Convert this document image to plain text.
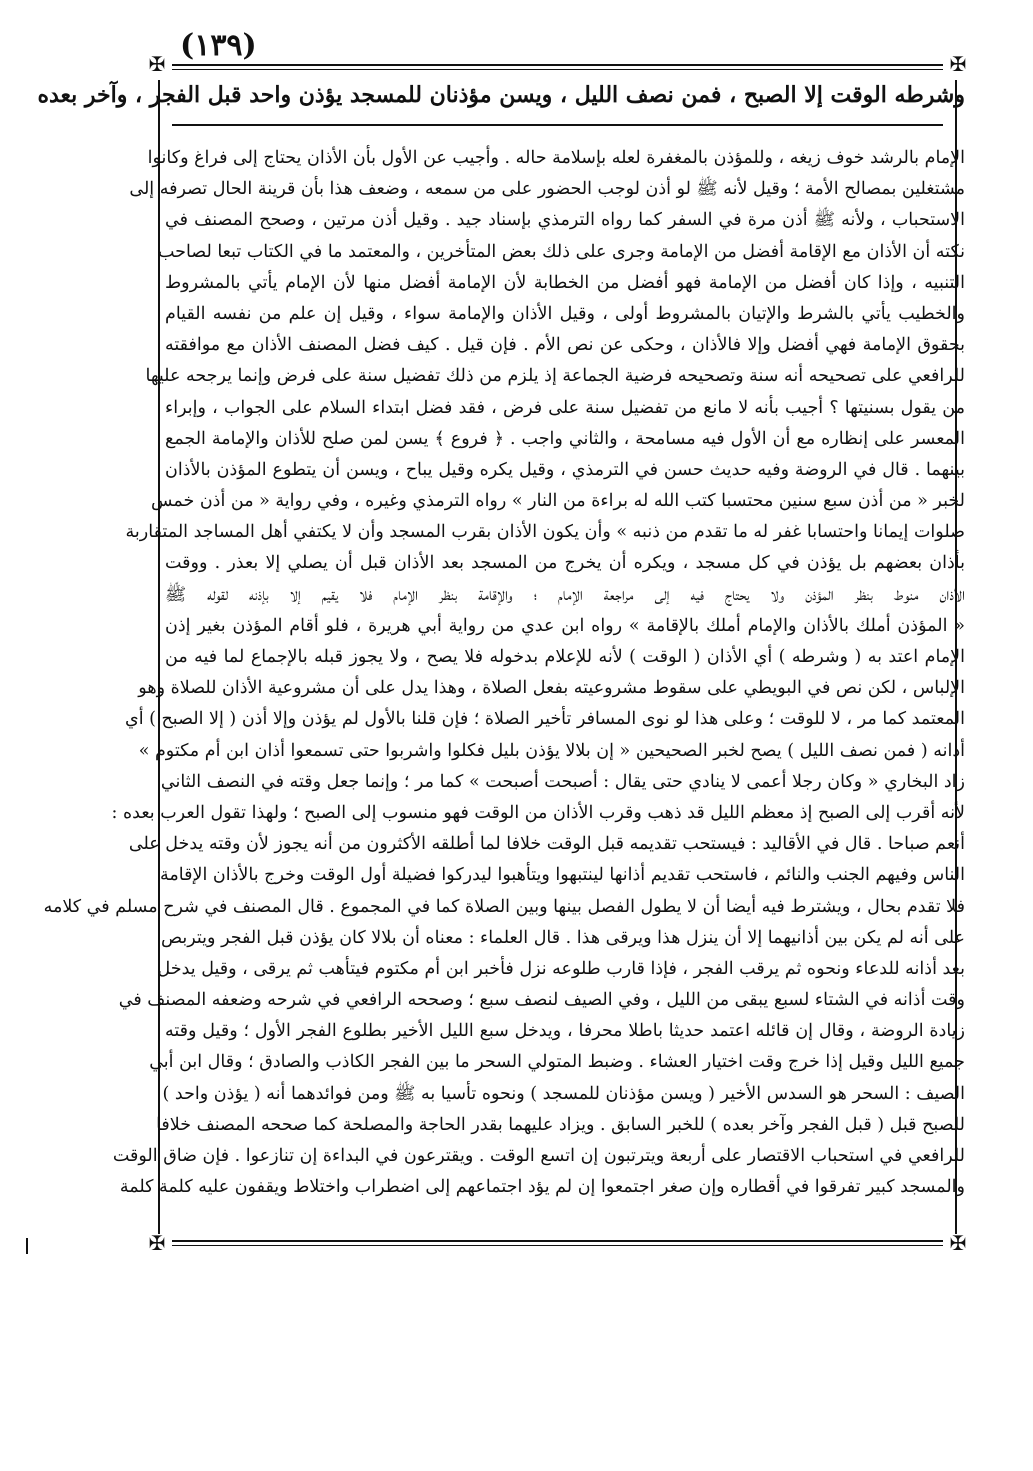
(١٣٩)
✠	✠
✠	✠
وشرطه الوقت إلا الصبح ، فمن نصف الليل ، ويسن مؤذنان للمسجد يؤذن واحد قبل الفجر ، وآخر بعده
الإمام بالرشد خوف زيغه ، وللمؤذن بالمغفرة لعله بإسلامة حاله . وأجيب عن الأول بأن الأذان يحتاج إلى فراغ وكانوا
مشتغلين بمصالح الأمة ؛ وقيل لأنه ﷺ لو أذن لوجب الحضور على من سمعه ، وضعف هذا بأن قرينة الحال تصرفه إلى
الاستحباب ، ولأنه ﷺ أذن مرة في السفر كما رواه الترمذي بإسناد جيد . وقيل أذن مرتين ، وصحح المصنف في
نكته أن الأذان مع الإقامة أفضل من الإمامة وجرى على ذلك بعض المتأخرين ، والمعتمد ما في الكتاب تبعا لصاحب
التنبيه ، وإذا كان أفضل من الإمامة فهو أفضل من الخطابة لأن الإمامة أفضل منها لأن الإمام يأتي بالمشروط
والخطيب يأتي بالشرط والإتيان بالمشروط أولى ، وقيل الأذان والإمامة سواء ، وقيل إن علم من نفسه القيام
بحقوق الإمامة فهي أفضل وإلا فالأذان ، وحكى عن نص الأم . فإن قيل . كيف فضل المصنف الأذان مع موافقته
للرافعي على تصحيحه أنه سنة وتصحيحه فرضية الجماعة إذ يلزم من ذلك تفضيل سنة على فرض وإنما يرجحه عليها
من يقول بسنيتها ؟ أجيب بأنه لا مانع من تفضيل سنة على فرض ، فقد فضل ابتداء السلام على الجواب ، وإبراء
المعسر على إنظاره مع أن الأول فيه مسامحة ، والثاني واجب . ﴿ فروع ﴾ يسن لمن صلح للأذان والإمامة الجمع
بينهما . قال في الروضة وفيه حديث حسن في الترمذي ، وقيل يكره وقيل يباح ، ويسن أن يتطوع المؤذن بالأذان
لخبر « من أذن سبع سنين محتسبا كتب الله له براءة من النار » رواه الترمذي وغيره ، وفي رواية « من أذن خمس
صلوات إيمانا واحتسابا غفر له ما تقدم من ذنبه » وأن يكون الأذان بقرب المسجد وأن لا يكتفي أهل المساجد المتقاربة
بأذان بعضهم بل يؤذن في كل مسجد ، ويكره أن يخرج من المسجد بعد الأذان قبل أن يصلي إلا بعذر . ووقت
الأذان منوط بنظر المؤذن ولا يحتاج فيه إلى مراجعة الإمام ؛ والإقامة بنظر الإمام فلا يقيم إلا بإذنه لقوله ﷺ
« المؤذن أملك بالأذان والإمام أملك بالإقامة » رواه ابن عدي من رواية أبي هريرة ، فلو أقام المؤذن بغير إذن
الإمام اعتد به ( وشرطه ) أي الأذان ( الوقت ) لأنه للإعلام بدخوله فلا يصح ، ولا يجوز قبله بالإجماع لما فيه من
الإلباس ، لكن نص في البويطي على سقوط مشروعيته بفعل الصلاة ، وهذا يدل على أن مشروعية الأذان للصلاة وهو
المعتمد كما مر ، لا للوقت ؛ وعلى هذا لو نوى المسافر تأخير الصلاة ؛ فإن قلنا بالأول لم يؤذن وإلا أذن ( إلا الصبح ) أي
أذانه ( فمن نصف الليل ) يصح لخبر الصحيحين « إن بلالا يؤذن بليل فكلوا واشربوا حتى تسمعوا أذان ابن أم مكتوم »
زاد البخاري « وكان رجلا أعمى لا ينادي حتى يقال : أصبحت أصبحت » كما مر ؛ وإنما جعل وقته في النصف الثاني
لأنه أقرب إلى الصبح إذ معظم الليل قد ذهب وقرب الأذان من الوقت فهو منسوب إلى الصبح ؛ ولهذا تقول العرب بعده :
أنعم صباحا . قال في الأقاليد : فيستحب تقديمه قبل الوقت خلافا لما أطلقه الأكثرون من أنه يجوز لأن وقته يدخل على
الناس وفيهم الجنب والنائم ، فاستحب تقديم أذانها لينتبهوا ويتأهبوا ليدركوا فضيلة أول الوقت وخرج بالأذان الإقامة
فلا تقدم بحال ، ويشترط فيه أيضا أن لا يطول الفصل بينها وبين الصلاة كما في المجموع . قال المصنف في شرح مسلم في كلامه
على أنه لم يكن بين أذانيهما إلا أن ينزل هذا ويرقى هذا . قال العلماء : معناه أن بلالا كان يؤذن قبل الفجر ويتربص
بعد أذانه للدعاء ونحوه ثم يرقب الفجر ، فإذا قارب طلوعه نزل فأخبر ابن أم مكتوم فيتأهب ثم يرقى ، وقيل يدخل
وقت أذانه في الشتاء لسبع يبقى من الليل ، وفي الصيف لنصف سبع ؛ وصححه الرافعي في شرحه وضعفه المصنف في
زيادة الروضة ، وقال إن قائله اعتمد حديثا باطلا محرفا ، ويدخل سبع الليل الأخير بطلوع الفجر الأول ؛ وقيل وقته
جميع الليل وقيل إذا خرج وقت اختيار العشاء . وضبط المتولي السحر ما بين الفجر الكاذب والصادق ؛ وقال ابن أبي
الصيف : السحر هو السدس الأخير ( ويسن مؤذنان للمسجد ) ونحوه تأسيا به ﷺ ومن فوائدهما أنه ( يؤذن واحد )
للصبح قبل ( قبل الفجر وآخر بعده ) للخبر السابق . ويزاد عليهما بقدر الحاجة والمصلحة كما صححه المصنف خلافا
للرافعي في استحباب الاقتصار على أربعة ويترتبون إن اتسع الوقت . ويقترعون في البداءة إن تنازعوا . فإن ضاق الوقت
والمسجد كبير تفرقوا في أقطاره وإن صغر اجتمعوا إن لم يؤد اجتماعهم إلى اضطراب واختلاط ويقفون عليه كلمة كلمة
